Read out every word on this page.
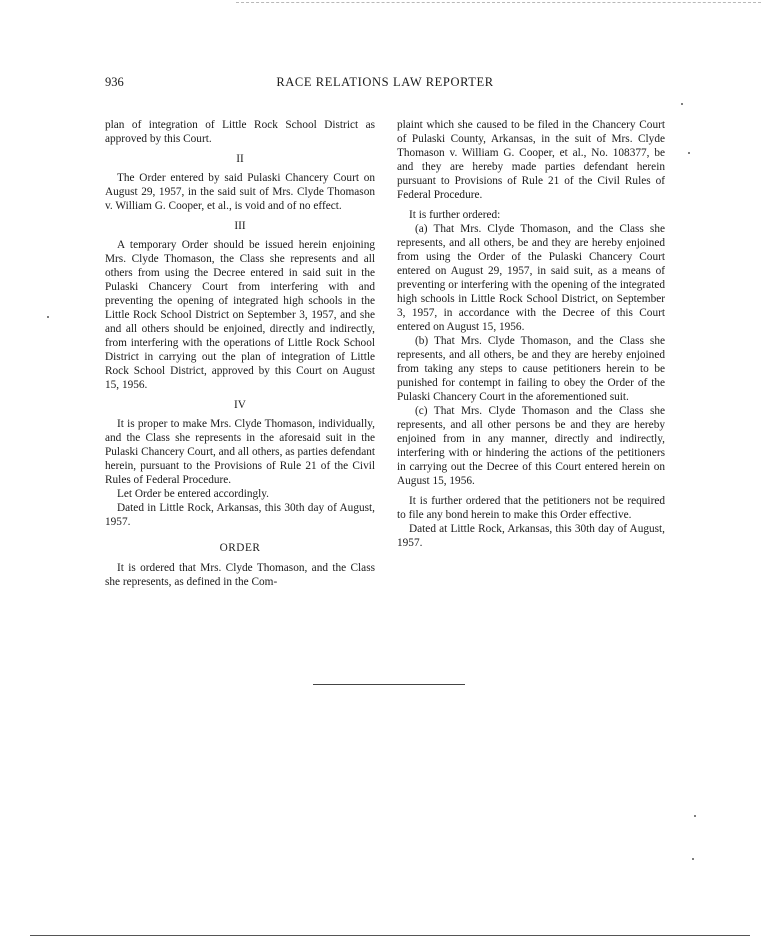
936	RACE RELATIONS LAW REPORTER

plan of integration of Little Rock School District as approved by this Court.

II

The Order entered by said Pulaski Chancery Court on August 29, 1957, in the said suit of Mrs. Clyde Thomason v. William G. Cooper, et al., is void and of no effect.

III

A temporary Order should be issued herein enjoining Mrs. Clyde Thomason, the Class she represents and all others from using the Decree entered in said suit in the Pulaski Chancery Court from interfering with and preventing the opening of integrated high schools in the Little Rock School District on September 3, 1957, and she and all others should be enjoined, directly and indirectly, from interfering with the operations of Little Rock School District in carrying out the plan of integration of Little Rock School District, approved by this Court on August 15, 1956.

IV

It is proper to make Mrs. Clyde Thomason, individually, and the Class she represents in the aforesaid suit in the Pulaski Chancery Court, and all others, as parties defendant herein, pursuant to the Provisions of Rule 21 of the Civil Rules of Federal Procedure.

Let Order be entered accordingly.

Dated in Little Rock, Arkansas, this 30th day of August, 1957.

ORDER

It is ordered that Mrs. Clyde Thomason, and the Class she represents, as defined in the Com-

plaint which she caused to be filed in the Chancery Court of Pulaski County, Arkansas, in the suit of Mrs. Clyde Thomason v. William G. Cooper, et al., No. 108377, be and they are hereby made parties defendant herein pursuant to Provisions of Rule 21 of the Civil Rules of Federal Procedure.

It is further ordered:

(a) That Mrs. Clyde Thomason, and the Class she represents, and all others, be and they are hereby enjoined from using the Order of the Pulaski Chancery Court entered on August 29, 1957, in said suit, as a means of preventing or interfering with the opening of the integrated high schools in Little Rock School District, on September 3, 1957, in accordance with the Decree of this Court entered on August 15, 1956.

(b) That Mrs. Clyde Thomason, and the Class she represents, and all others, be and they are hereby enjoined from taking any steps to cause petitioners herein to be punished for contempt in failing to obey the Order of the Pulaski Chancery Court in the aforementioned suit.

(c) That Mrs. Clyde Thomason and the Class she represents, and all other persons be and they are hereby enjoined from in any manner, directly and indirectly, interfering with or hindering the actions of the petitioners in carrying out the Decree of this Court entered herein on August 15, 1956.

It is further ordered that the petitioners not be required to file any bond herein to make this Order effective.

Dated at Little Rock, Arkansas, this 30th day of August, 1957.
